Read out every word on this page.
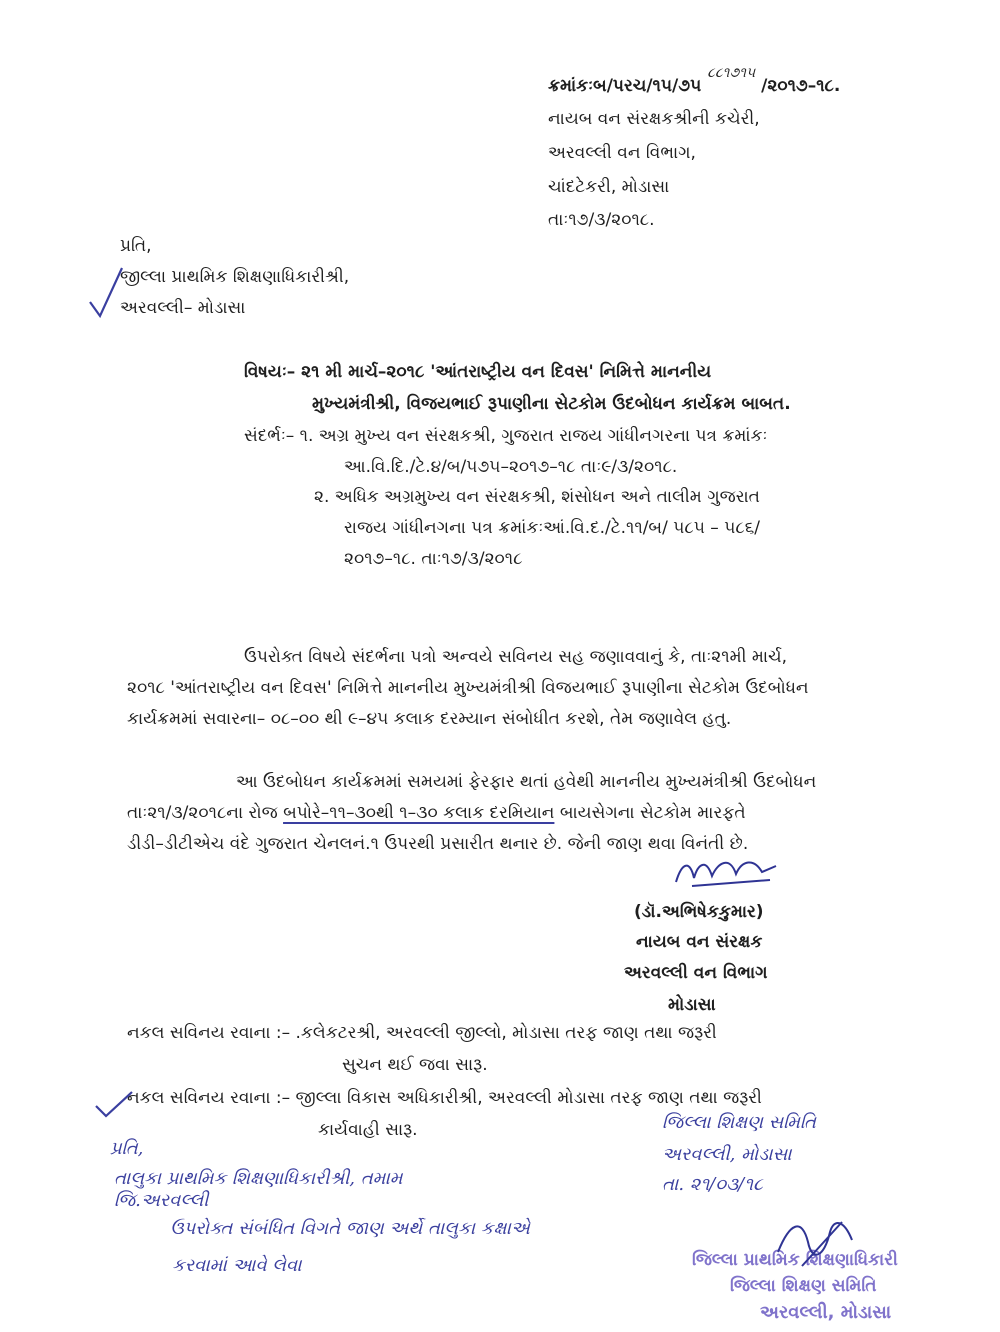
ક્રમાંકઃબ/પરચ/૧૫/૭૫ $^{૮૮૧૭૧૫}$ /૨૦૧૭–૧૮.
નાયબ વન સંરક્ષકશ્રીની કચેરી,
અરવલ્લી વન વિભાગ,
ચાંદટેકરી, મોડાસા
તાઃ૧૭/૩/૨૦૧૮.
પ્રતિ,
જીલ્લા પ્રાથમિક શિક્ષણાધિકારીશ્રી,
અરવલ્લી– મોડાસા
વિષયઃ– ૨૧ મી માર્ચ–૨૦૧૮ 'આંતરાષ્ટ્રીય વન દિવસ' નિમિત્તે માનનીય
મુખ્યમંત્રીશ્રી, વિજયભાઈ રૂપાણીના સેટકોમ ઉદબોધન કાર્યક્રમ બાબત.
સંદર્ભઃ– ૧. અગ્ર મુખ્ય વન સંરક્ષકશ્રી, ગુજરાત રાજય ગાંધીનગરના પત્ર ક્રમાંકઃ
આ.વિ.દિ./ટે.૪/બ/૫૭૫–૨૦૧૭–૧૮ તાઃ૯/૩/૨૦૧૮.
૨. અધિક અગ્રમુખ્ય વન સંરક્ષકશ્રી, શંસોધન અને તાલીમ ગુજરાત
રાજય ગાંધીનગના પત્ર ક્રમાંકઃઆં.વિ.દ./ટે.૧૧/બ/ ૫૮૫ – ૫૮૬/
૨૦૧૭–૧૮. તાઃ૧૭/૩/૨૦૧૮
ઉપરોક્ત વિષયે સંદર્ભના પત્રો અન્વયે સવિનય સહ જણાવવાનું કે, તાઃ૨૧મી માર્ચ,
૨૦૧૮ 'આંતરાષ્ટ્રીય વન દિવસ' નિમિત્તે માનનીય મુખ્યમંત્રીશ્રી વિજયભાઈ રૂપાણીના સેટકોમ ઉદબોધન
કાર્યક્રમમાં સવારના– ૦૮–૦૦ થી ૯–૪૫ કલાક દરમ્યાન સંબોધીત કરશે, તેમ જણાવેલ હતુ.
આ ઉદબોધન કાર્યક્રમમાં સમયમાં ફેરફાર થતાં હવેથી માનનીય મુખ્યમંત્રીશ્રી ઉદબોધન
તાઃ૨૧/૩/૨૦૧૮ના રોજ બપોરે–૧૧–૩૦થી ૧–૩૦ કલાક દરમિયાન બાયસેગના સેટકોમ મારફતે
ડીડી–ડીટીએચ વંદે ગુજરાત ચેનલનં.૧ ઉપરથી પ્રસારીત થનાર છે. જેની જાણ થવા વિનંતી છે.
(ડૉ.અભિષેકકુમાર)
નાયબ વન સંરક્ષક
અરવલ્લી વન વિભાગ
મોડાસા
નકલ સવિનય રવાના :– .કલેકટરશ્રી, અરવલ્લી જીલ્લો, મોડાસા તરફ જાણ તથા જરૂરી
સુચન થઈ જવા સારૂ.
નકલ સવિનય રવાના :– જીલ્લા વિકાસ અધિકારીશ્રી, અરવલ્લી મોડાસા તરફ જાણ તથા જરૂરી
કાર્યવાહી સારૂ.
પ્રતિ,
તાલુકા પ્રાથમિક શિક્ષણાધિકારીશ્રી, તમામ
જિ.અરવલ્લી
ઉપરોક્ત સંબંધિત વિગતે જાણ અર્થે તાલુકા કક્ષાએ
કરવામાં આવે લેવા
જિલ્લા શિક્ષણ સમિતિ
અરવલ્લી, મોડાસા
તા. ૨૧/૦૩/૧૮
જિલ્લા પ્રાથમિક શિક્ષણાધિકારી
જિલ્લા શિક્ષણ સમિતિ
અરવલ્લી, મોડાસા
